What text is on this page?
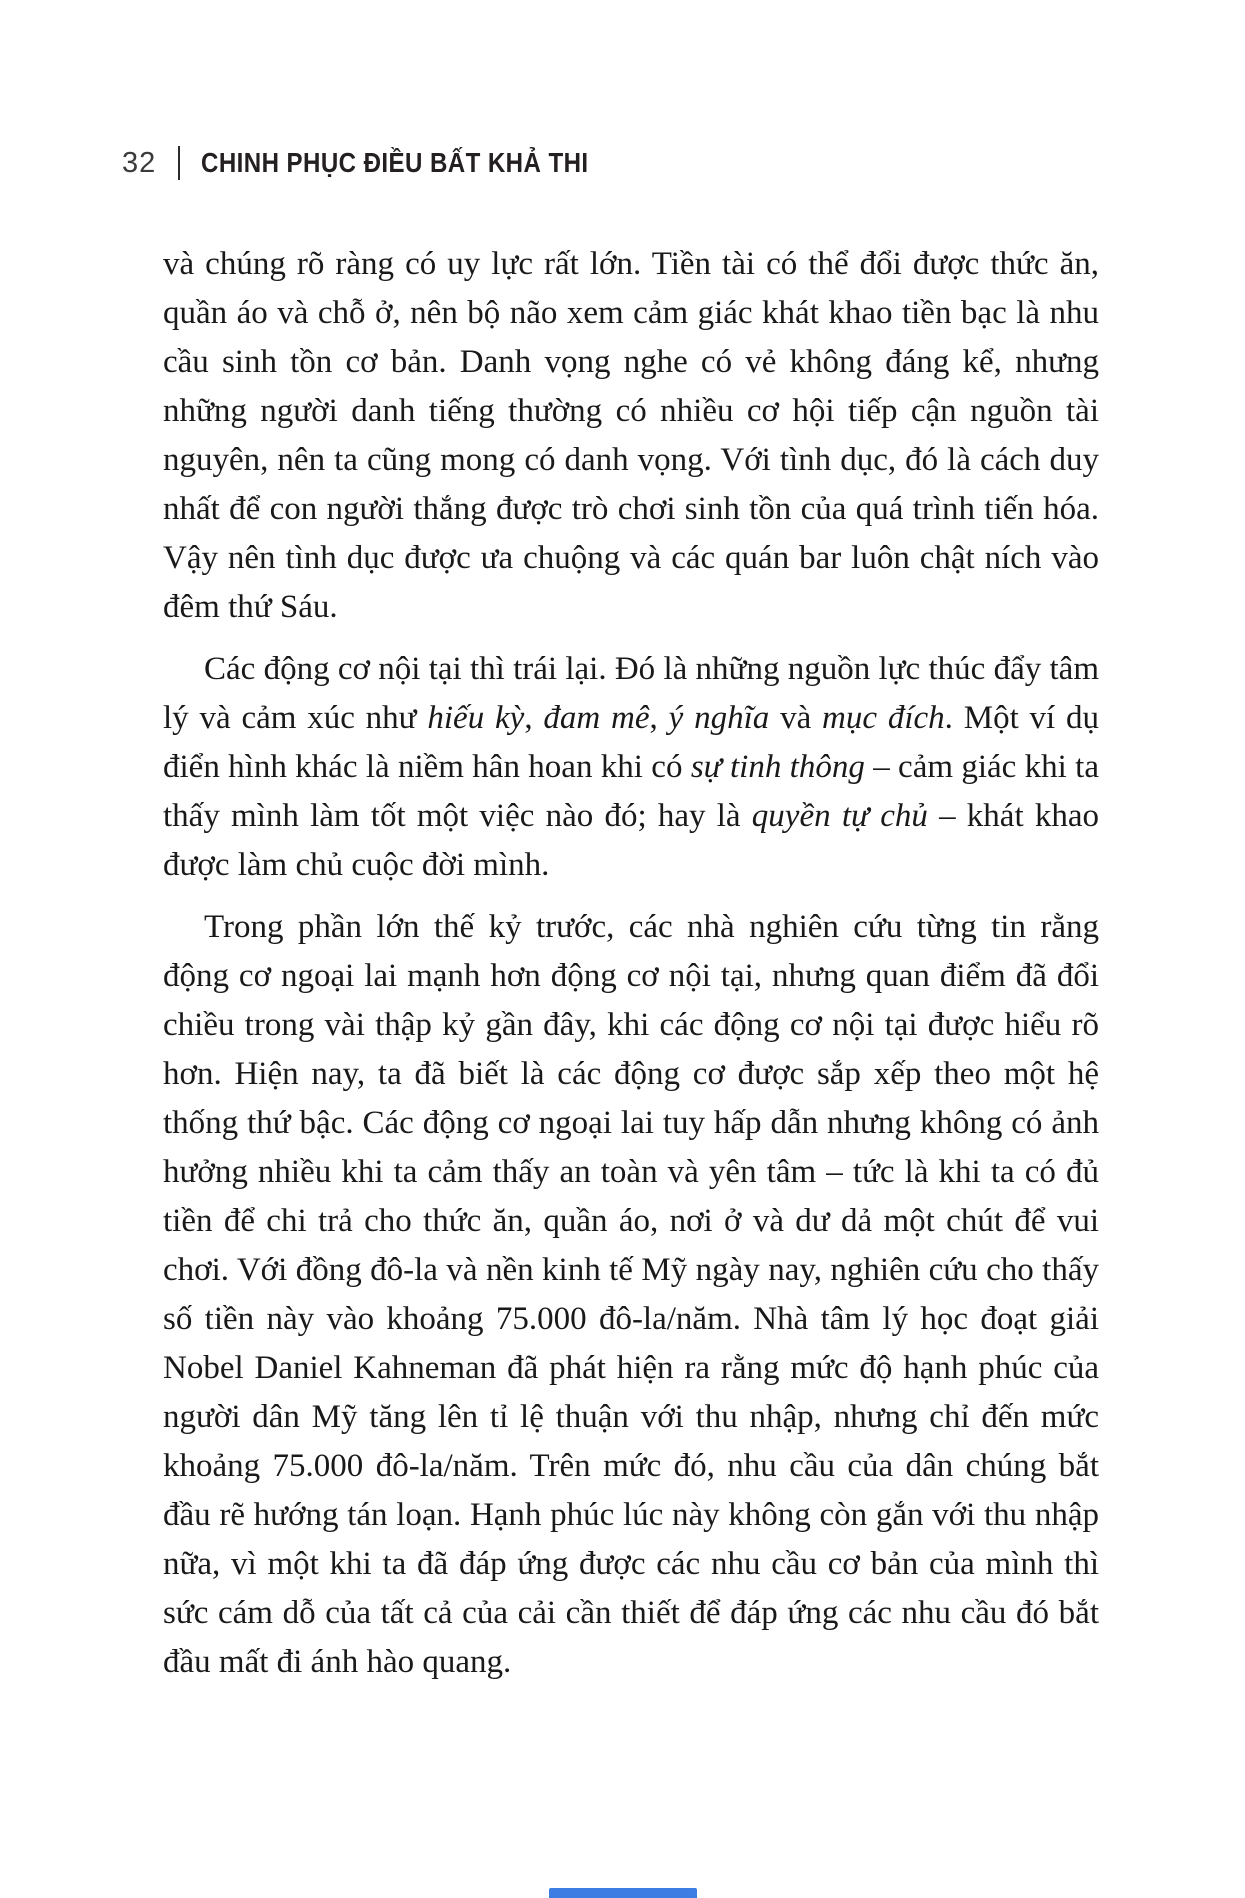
32 CHINH PHỤC ĐIỀU BẤT KHẢ THI

và chúng rõ ràng có uy lực rất lớn. Tiền tài có thể đổi được thức ăn, quần áo và chỗ ở, nên bộ não xem cảm giác khát khao tiền bạc là nhu cầu sinh tồn cơ bản. Danh vọng nghe có vẻ không đáng kể, nhưng những người danh tiếng thường có nhiều cơ hội tiếp cận nguồn tài nguyên, nên ta cũng mong có danh vọng. Với tình dục, đó là cách duy nhất để con người thắng được trò chơi sinh tồn của quá trình tiến hóa. Vậy nên tình dục được ưa chuộng và các quán bar luôn chật ních vào đêm thứ Sáu.

Các động cơ nội tại thì trái lại. Đó là những nguồn lực thúc đẩy tâm lý và cảm xúc như hiếu kỳ, đam mê, ý nghĩa và mục đích. Một ví dụ điển hình khác là niềm hân hoan khi có sự tinh thông – cảm giác khi ta thấy mình làm tốt một việc nào đó; hay là quyền tự chủ – khát khao được làm chủ cuộc đời mình.

Trong phần lớn thế kỷ trước, các nhà nghiên cứu từng tin rằng động cơ ngoại lai mạnh hơn động cơ nội tại, nhưng quan điểm đã đổi chiều trong vài thập kỷ gần đây, khi các động cơ nội tại được hiểu rõ hơn. Hiện nay, ta đã biết là các động cơ được sắp xếp theo một hệ thống thứ bậc. Các động cơ ngoại lai tuy hấp dẫn nhưng không có ảnh hưởng nhiều khi ta cảm thấy an toàn và yên tâm – tức là khi ta có đủ tiền để chi trả cho thức ăn, quần áo, nơi ở và dư dả một chút để vui chơi. Với đồng đô-la và nền kinh tế Mỹ ngày nay, nghiên cứu cho thấy số tiền này vào khoảng 75.000 đô-la/năm. Nhà tâm lý học đoạt giải Nobel Daniel Kahneman đã phát hiện ra rằng mức độ hạnh phúc của người dân Mỹ tăng lên tỉ lệ thuận với thu nhập, nhưng chỉ đến mức khoảng 75.000 đô-la/năm. Trên mức đó, nhu cầu của dân chúng bắt đầu rẽ hướng tán loạn. Hạnh phúc lúc này không còn gắn với thu nhập nữa, vì một khi ta đã đáp ứng được các nhu cầu cơ bản của mình thì sức cám dỗ của tất cả của cải cần thiết để đáp ứng các nhu cầu đó bắt đầu mất đi ánh hào quang.
